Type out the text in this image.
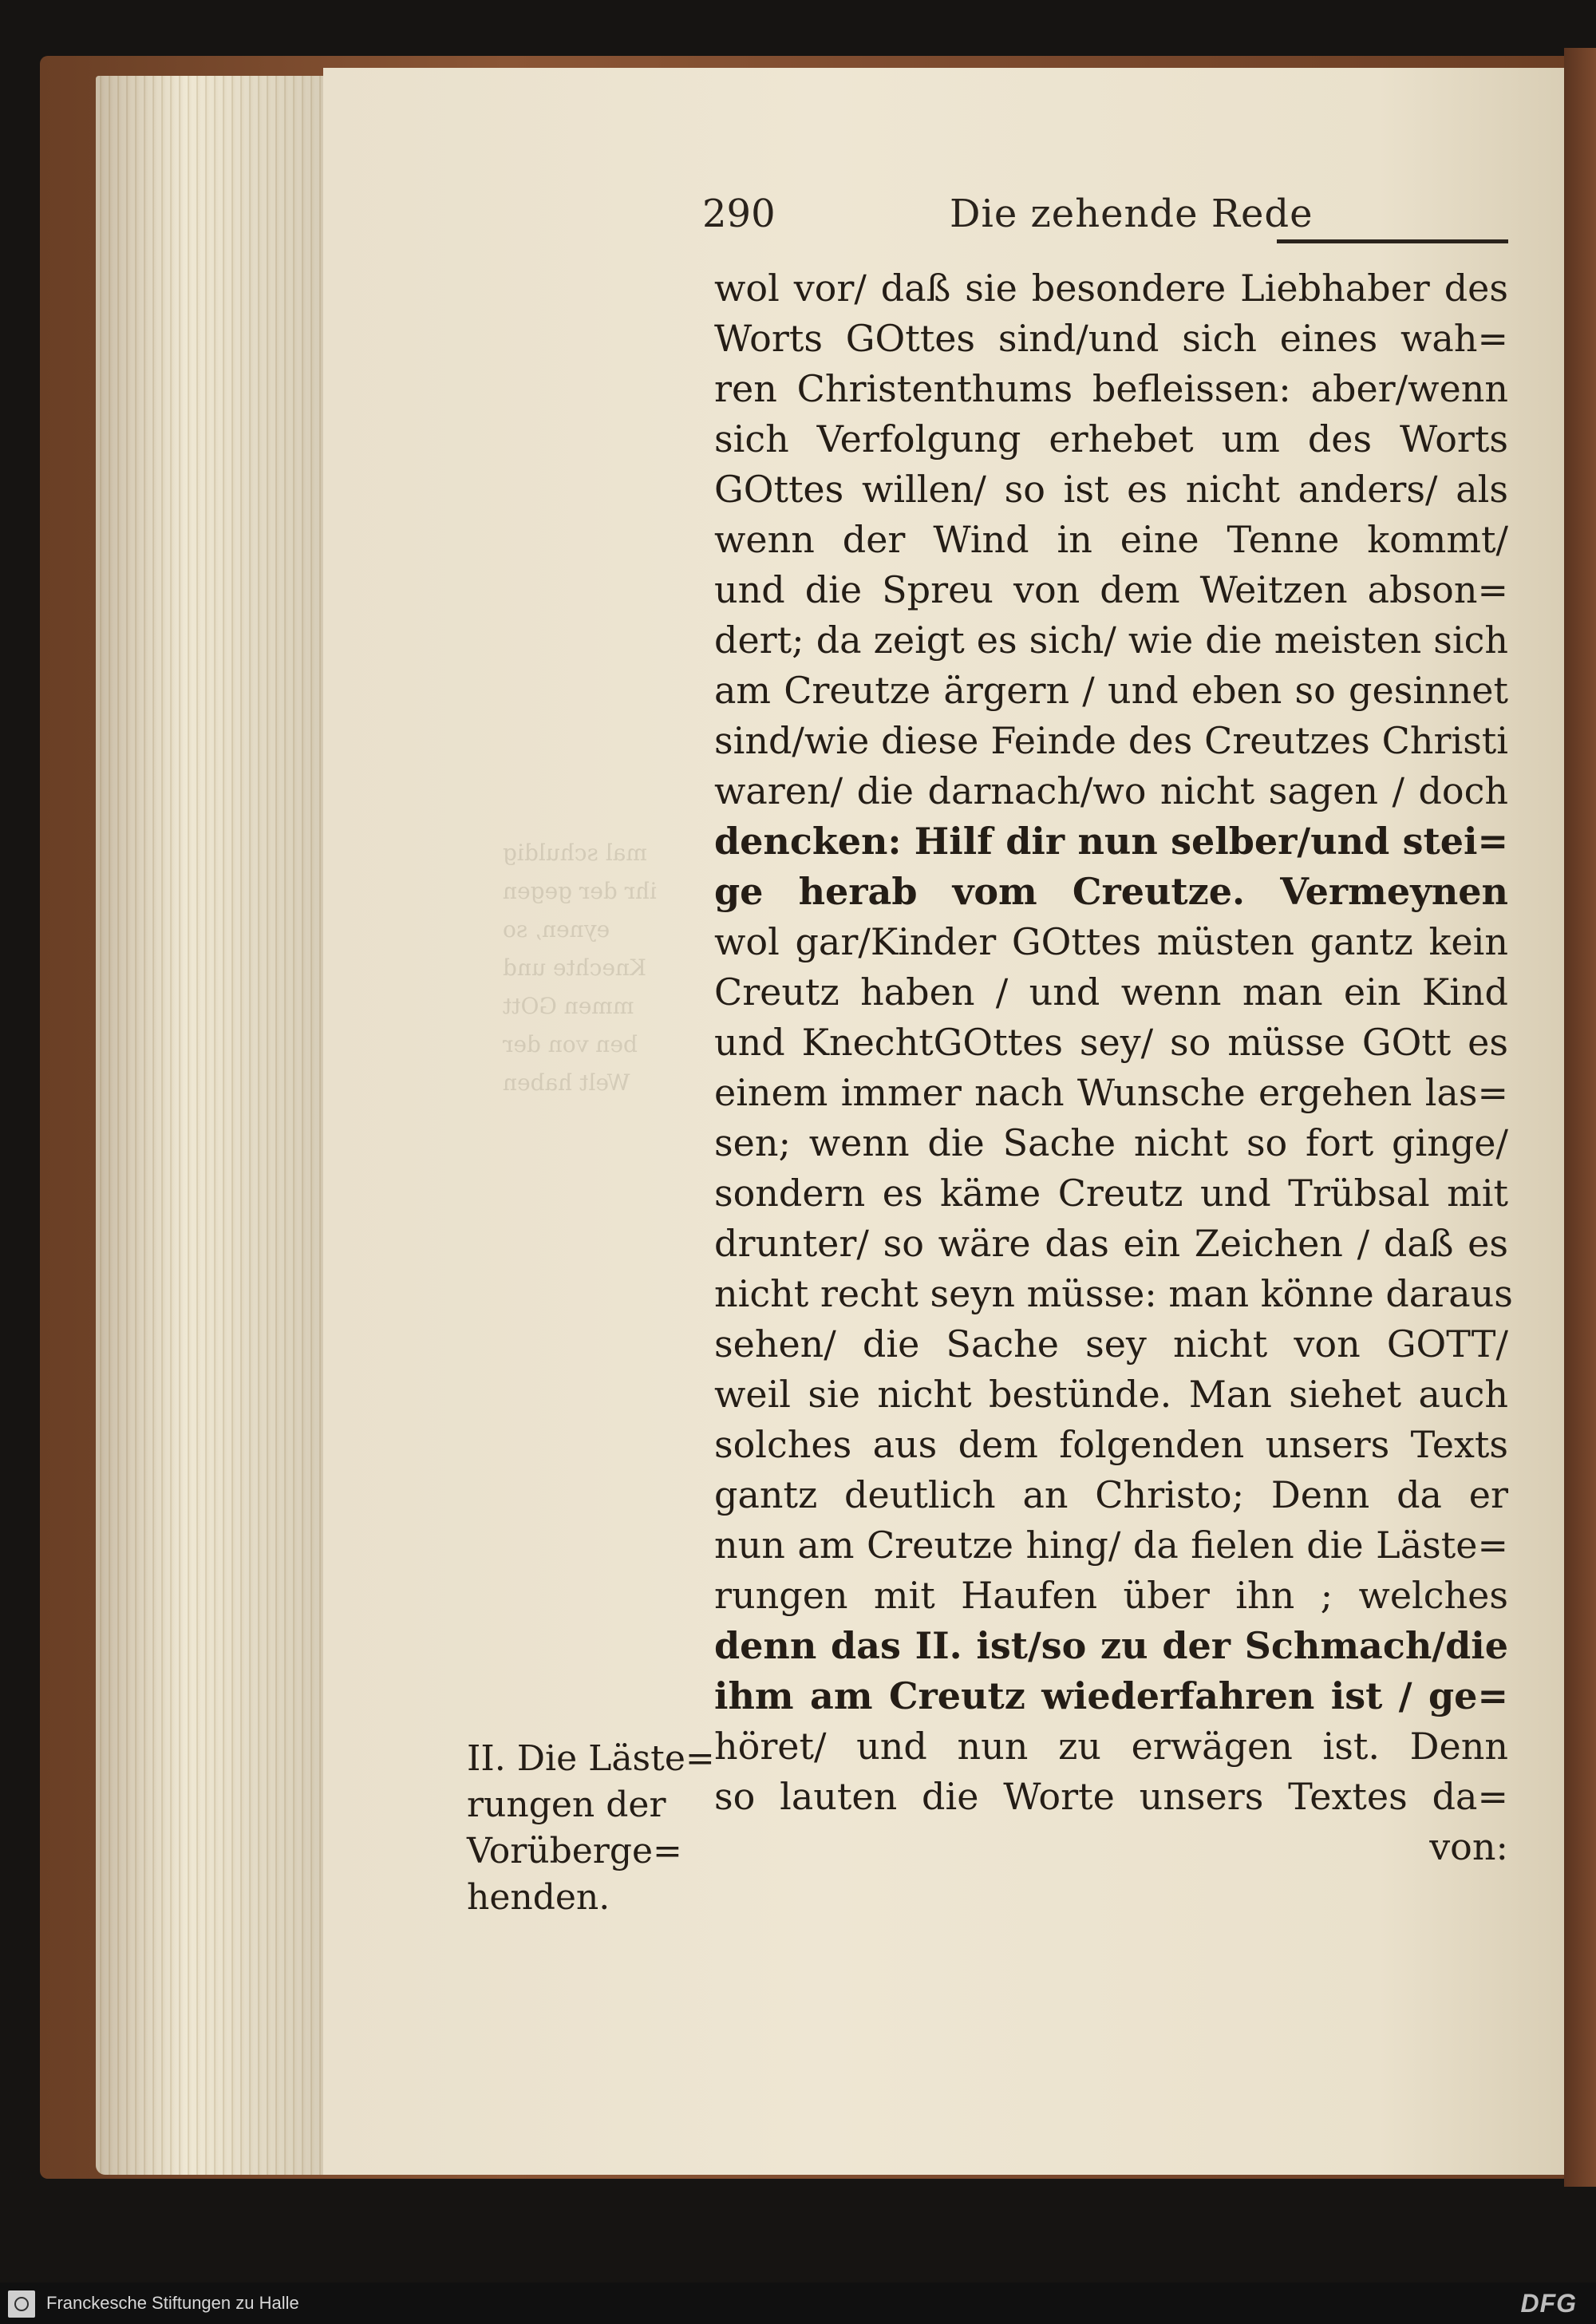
mal schuldig
ihr der gegen
eynen, so
Knechte und
mmen GOtt
ben von der
Welt haben
290	Die zehende Rede
wol vor/ daß sie besondere Liebhaber des
Worts GOttes sind/und sich eines wah=
ren Christenthums befleissen: aber/wenn
sich Verfolgung erhebet um des Worts
GOttes willen/ so ist es nicht anders/ als
wenn der Wind in eine Tenne kommt/
und die Spreu von dem Weitzen abson=
dert; da zeigt es sich/ wie die meisten sich
am Creutze ärgern / und eben so gesinnet
sind/wie diese Feinde des Creutzes Christi
waren/ die darnach/wo nicht sagen / doch
dencken: Hilf dir nun selber/und stei=
ge herab vom Creutze. Vermeynen
wol gar/Kinder GOttes müsten gantz kein
Creutz haben / und wenn man ein Kind
und KnechtGOttes sey/ so müsse GOtt es
einem immer nach Wunsche ergehen las=
sen; wenn die Sache nicht so fort ginge/
sondern es käme Creutz und Trübsal mit
drunter/ so wäre das ein Zeichen / daß es
nicht recht seyn müsse: man könne daraus
sehen/ die Sache sey nicht von GOTT/
weil sie nicht bestünde. Man siehet auch
solches aus dem folgenden unsers Texts
gantz deutlich an Christo; Denn da er
nun am Creutze hing/ da fielen die Läste=
rungen mit Haufen über ihn ; welches
denn das II. ist/so zu der Schmach/die
ihm am Creutz wiederfahren ist / ge=
höret/ und nun zu erwägen ist. Denn
so lauten die Worte unsers Textes da=
von:
II. Die Läste=
rungen der
Vorüberge=
henden.
Franckesche Stiftungen zu Halle	DFG
